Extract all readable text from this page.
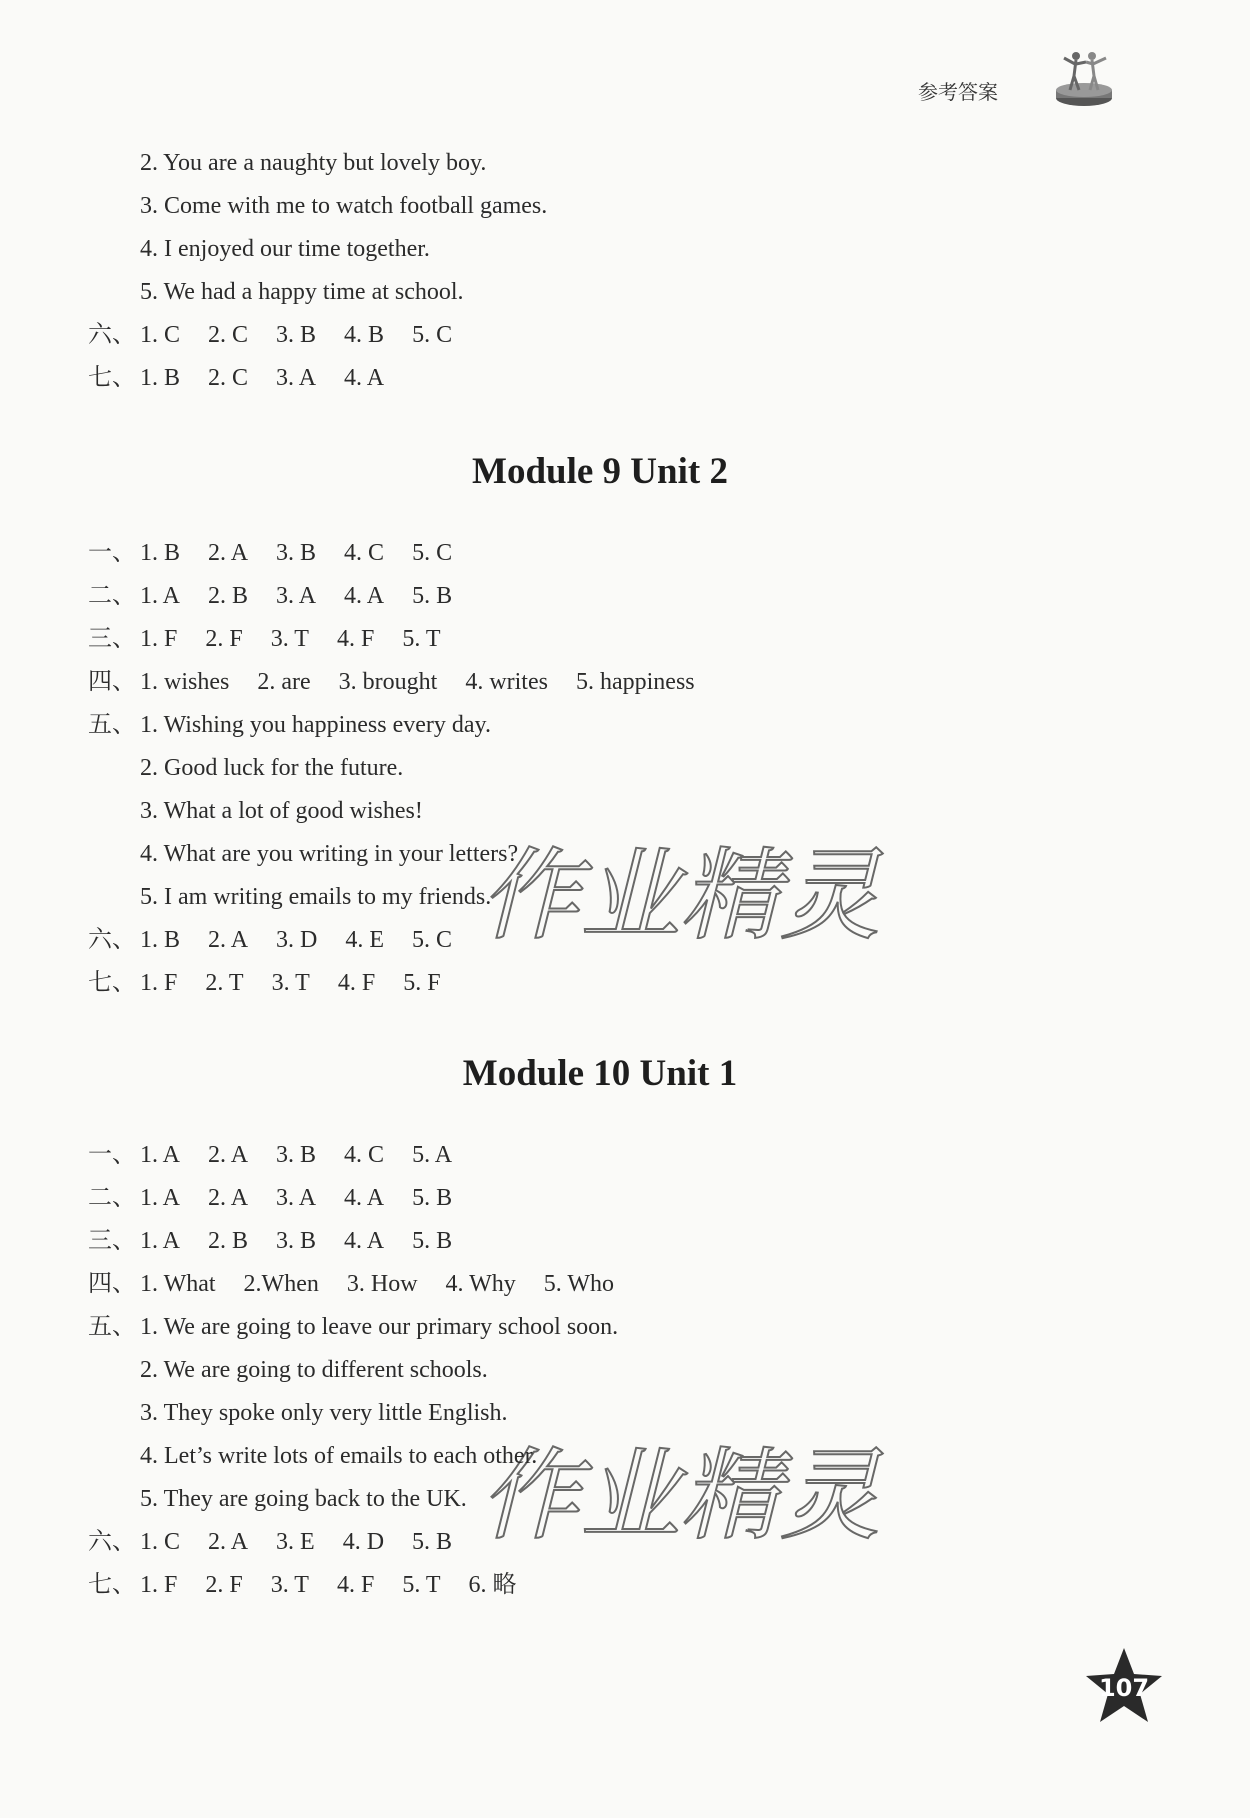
参考答案
作业精灵
作业精灵
107
2. You are a naughty but lovely boy.
3. Come with me to watch football games.
4. I enjoyed our time together.
5. We had a happy time at school.
六、 1. C 2. C 3. B 4. B 5. C
七、 1. B 2. C 3. A 4. A
Module 9 Unit 2
一、 1. B 2. A 3. B 4. C 5. C
二、 1. A 2. B 3. A 4. A 5. B
三、 1. F 2. F 3. T 4. F 5. T
四、 1. wishes 2. are 3. brought 4. writes 5. happiness
五、 1. Wishing you happiness every day.
2. Good luck for the future.
3. What a lot of good wishes!
4. What are you writing in your letters?
5. I am writing emails to my friends.
六、 1. B 2. A 3. D 4. E 5. C
七、 1. F 2. T 3. T 4. F 5. F
Module 10 Unit 1
一、 1. A 2. A 3. B 4. C 5. A
二、 1. A 2. A 3. A 4. A 5. B
三、 1. A 2. B 3. B 4. A 5. B
四、 1. What 2.When 3. How 4. Why 5. Who
五、 1. We are going to leave our primary school soon.
2. We are going to different schools.
3. They spoke only very little English.
4. Let’s write lots of emails to each other.
5. They are going back to the UK.
六、 1. C 2. A 3. E 4. D 5. B
七、 1. F 2. F 3. T 4. F 5. T 6. 略
